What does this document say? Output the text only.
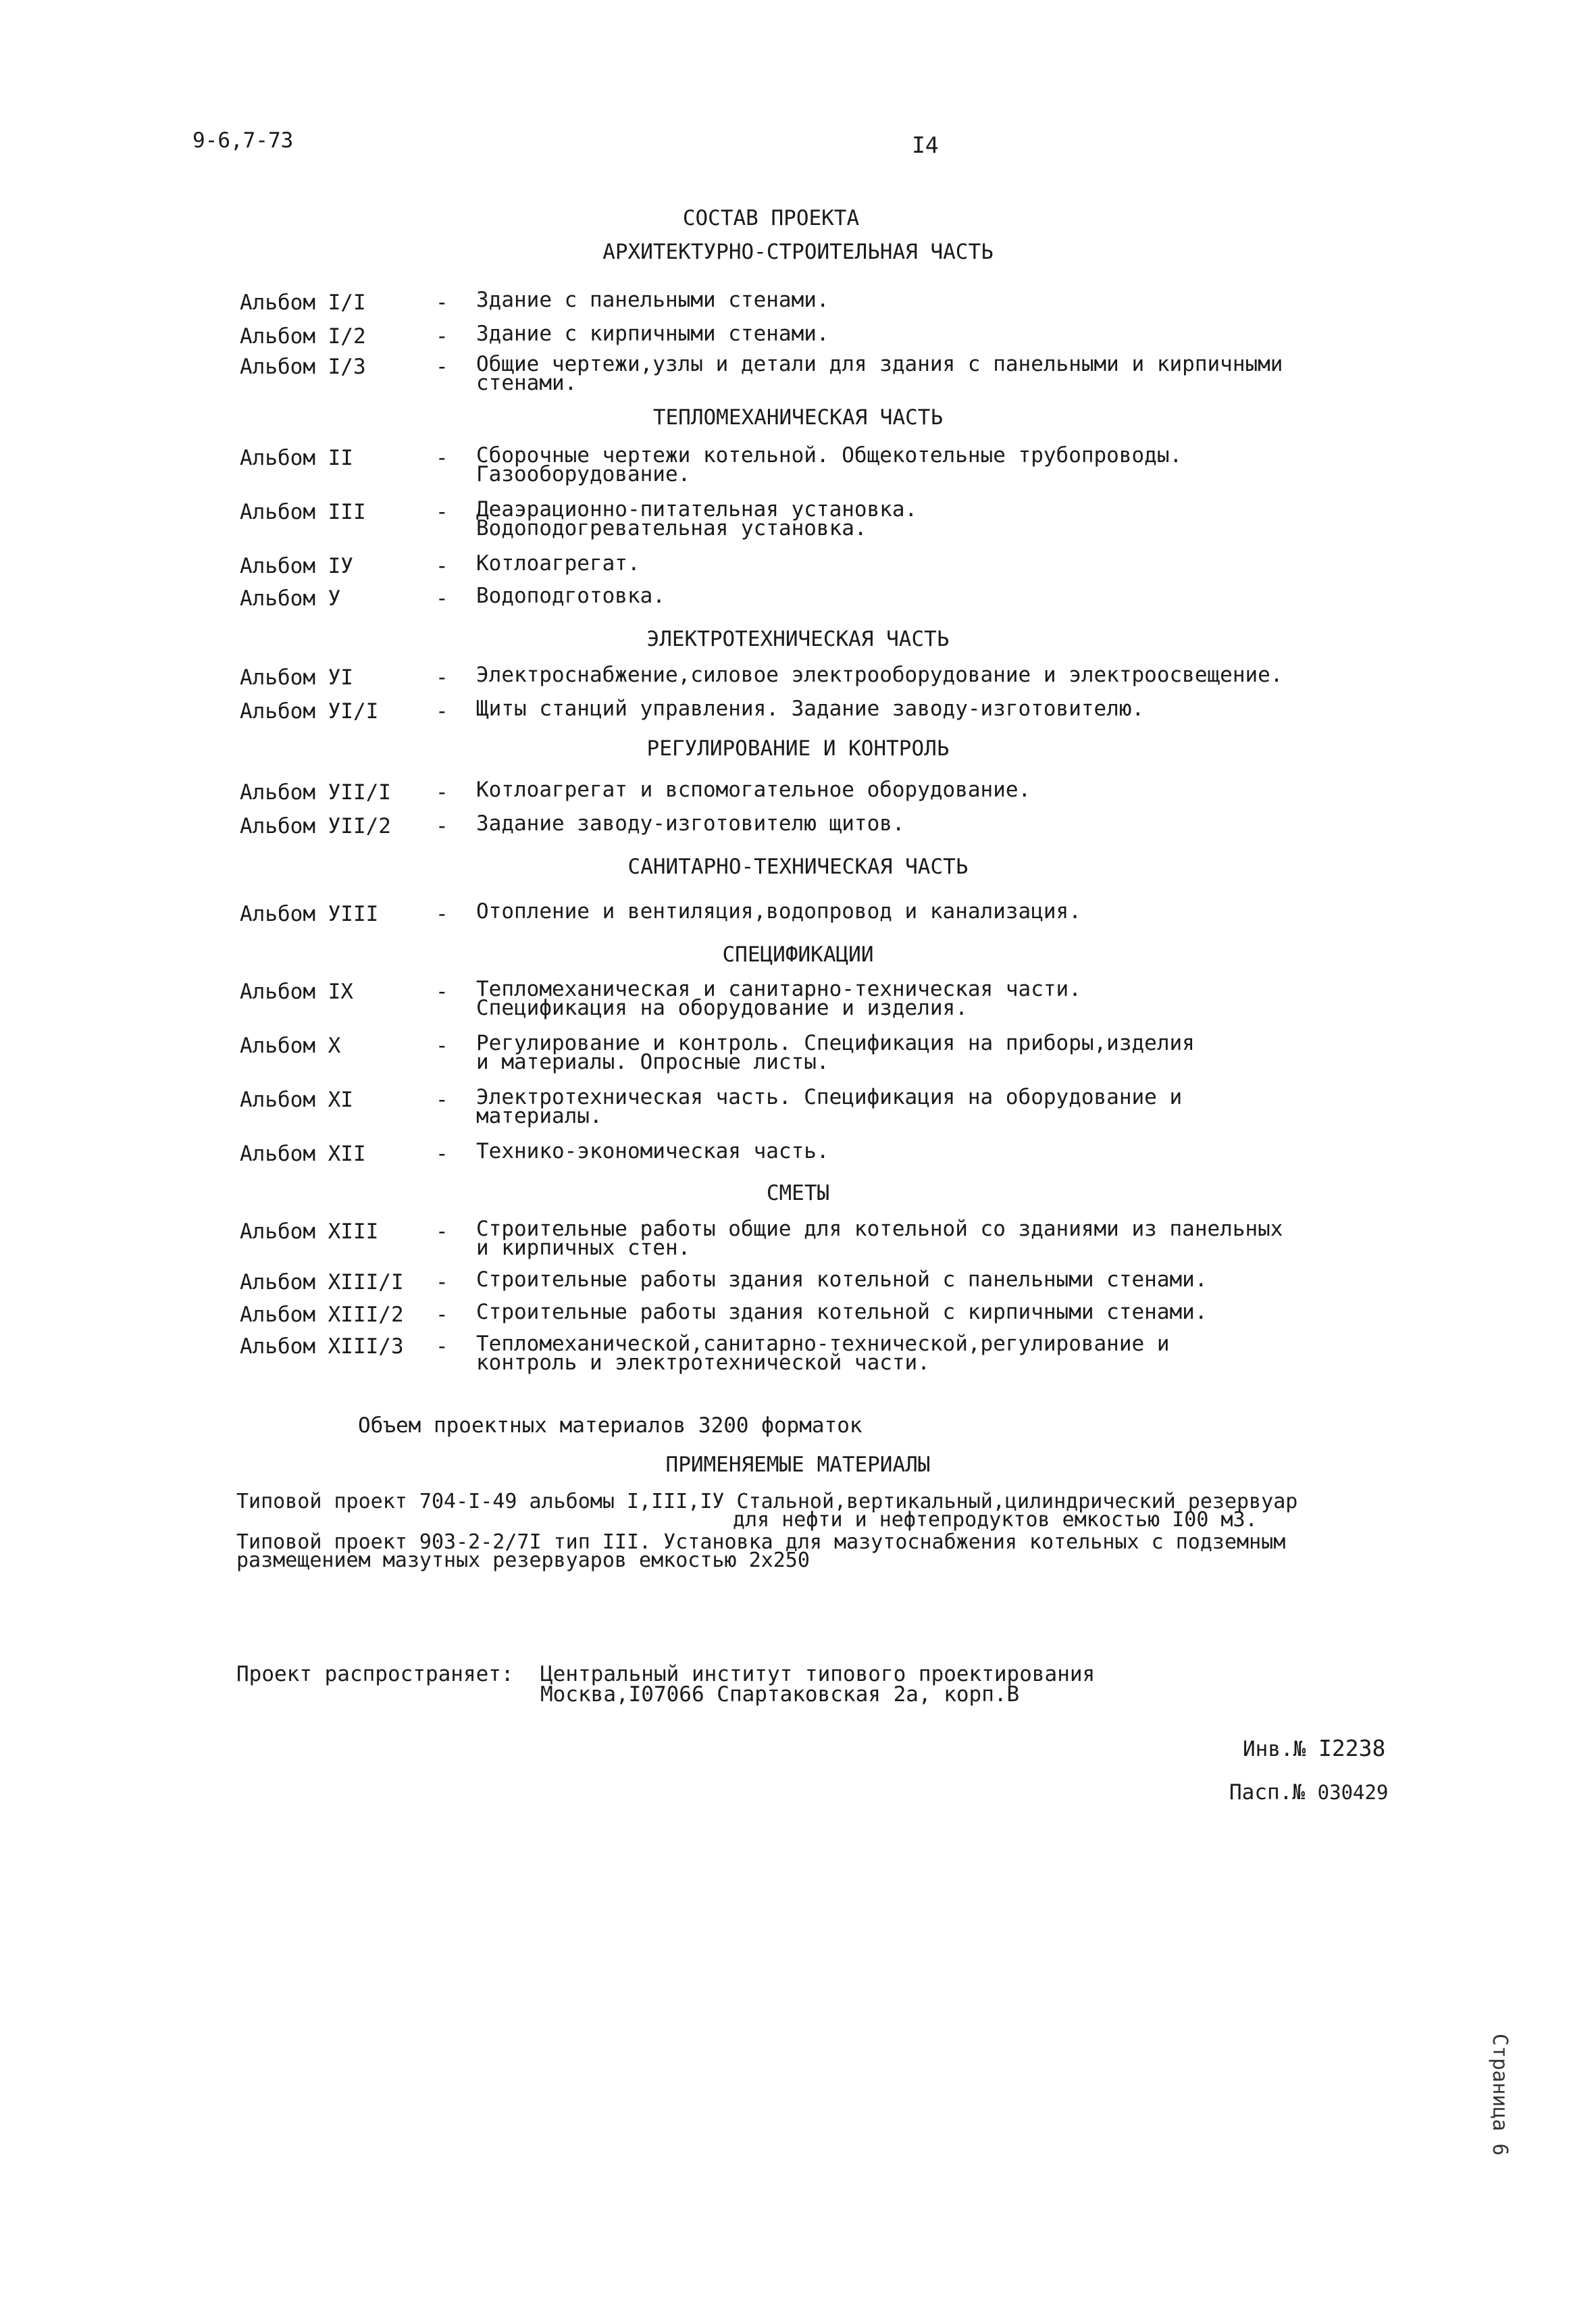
9-6,7-73	I4
СОСТАВ ПРОЕКТА
АРХИТЕКТУРНО-СТРОИТЕЛЬНАЯ ЧАСТЬ
Альбом I/I	- Здание с панельными стенами.
Альбом I/2	- Здание с кирпичными стенами.
Альбом I/3	- Общие чертежи,узлы и детали для здания с панельными и кирпичными
стенами.
ТЕПЛОМЕХАНИЧЕСКАЯ ЧАСТЬ
Альбом II	- Сборочные чертежи котельной. Общекотельные трубопроводы.
Газооборудование.
Альбом III	- Деаэрационно-питательная установка.
Водоподогревательная установка.
Альбом IУ	- Котлоагрегат.
Альбом У	- Водоподготовка.
ЭЛЕКТРОТЕХНИЧЕСКАЯ ЧАСТЬ
Альбом УI	- Электроснабжение,силовое электрооборудование и электроосвещение.
Альбом УI/I	- Щиты станций управления. Задание заводу-изготовителю.
РЕГУЛИРОВАНИЕ И КОНТРОЛЬ
Альбом УII/I - Котлоагрегат и вспомогательное оборудование.
Альбом УII/2 - Задание заводу-изготовителю щитов.
САНИТАРНО-ТЕХНИЧЕСКАЯ ЧАСТЬ
Альбом УIII	- Отопление и вентиляция,водопровод и канализация.
СПЕЦИФИКАЦИИ
Альбом IX	- Тепломеханическая и санитарно-техническая части.
Спецификация на оборудование и изделия.
Альбом X	- Регулирование и контроль. Спецификация на приборы,изделия
и материалы. Опросные листы.
Альбом XI	- Электротехническая часть. Спецификация на оборудование и
материалы.
Альбом XII	- Технико-экономическая часть.
СМЕТЫ
Альбом XIII	- Строительные работы общие для котельной со зданиями из панельных
и кирпичных стен.
Альбом XIII/I - Строительные работы здания котельной с панельными стенами.
Альбом XIII/2 - Строительные работы здания котельной с кирпичными стенами.
Альбом XIII/3 - Тепломеханической,санитарно-технической,регулирование и
контроль и электротехнической части.
Объем проектных материалов 3200 форматок
ПРИМЕНЯЕМЫЕ МАТЕРИАЛЫ
Типовой проект 704-I-49 альбомы I,III,IУ Стальной,вертикальный,цилиндрический резервуар
для нефти и нефтепродуктов емкостью I00 м3.
Типовой проект 903-2-2/7I тип III. Установка для мазутоснабжения котельных с подземным
размещением мазутных резервуаров емкостью 2x250
Проект распространяет: Центральный институт типового проектирования
Москва,I07066 Спартаковская 2а, корп.В
Инв.№ I2238
Пасп.№ 030429
Страница 6
